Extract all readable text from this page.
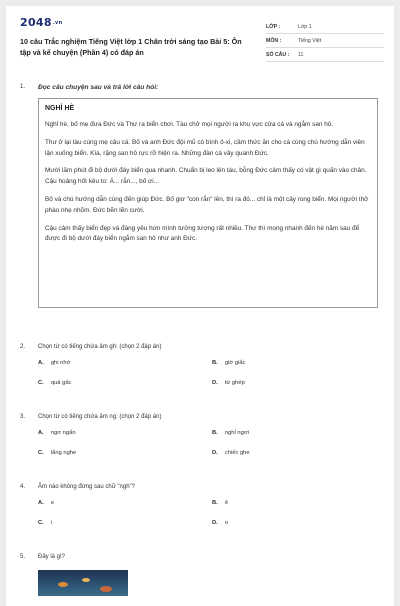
2048.vn
10 câu Trắc nghiệm Tiếng Việt lớp 1 Chân trời sáng tạo Bài 5: Ôn tập và kể chuyện (Phần 4) có đáp án
LỚP :	Lớp 1
MÔN :	Tiếng Việt
SỐ CÂU : 11
1. Đọc câu chuyện sau và trả lời câu hỏi:
NGHỈ HÈ

Nghỉ hè, bố mẹ đưa Đức và Thư ra biển chơi. Tàu chở mọi người ra khu vực cửa cá và ngắm san hô.

Thư ở lại tàu cùng mẹ câu cá. Bố và anh Đức đội mũ có bình ô-xi, cầm thức ăn cho cá cùng chú hướng dẫn viên lặn xuống biển. Kìa, rặng san hô rực rỡ hiện ra. Những đàn cá vây quanh Đức.

Mười lăm phút đi bộ dưới đáy biển qua nhanh. Chuẩn bị leo lên tàu, bỗng Đức cảm thấy có vật gì quấn vào chân. Cậu hoảng hốt kêu to: Á... rắn..., bố ơi...

Bố và chú hướng dẫn cùng đến giúp Đức. Bố giơ "con rắn" lên, thì ra đó... chỉ là một cây rong biển. Mọi người thở phào nhẹ nhõm. Đức bẽn lẽn cười.

Cậu cảm thấy biển đẹp và đáng yêu hơn mình tưởng tượng rất nhiều. Thư thì mong nhanh đến hè năm sau để được đi bộ dưới đáy biển ngắm san hô như anh Đức.

2. Chọn từ có tiếng chứa âm gh: (chọn 2 đáp án)
A. ghi nhớ	B. giờ giấc
C. quả gấc	D. từ ghép
3. Chọn từ có tiếng chứa âm ng: (chọn 2 đáp án)
A. ngơ ngẩn	B. nghỉ ngơi
C. lắng nghe	D. chiếc ghe
4. Âm nào không đứng sau chữ "ngh"?
A. e	B. ê
C. i	D. o
5. Đây là gì?
